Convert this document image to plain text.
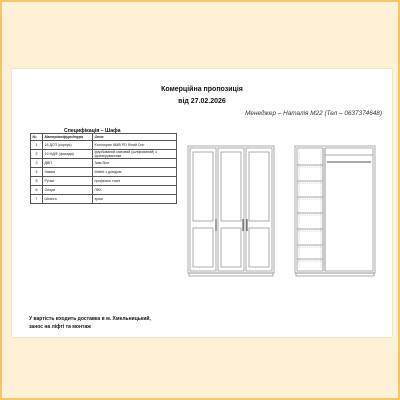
Комерційна пропозиція
від 27.02.2026
Менеджер – Наталія М22 (Тел – 0637374648)
Специфікація – Шафа
№	Матеріал/фурнітура	Опис
1	18 ДСП (корпус)	Kronospan 8685 PD білий Сніг
2	19 МДФ (фасади)	фарбований матовий (шліфований) з фрезеруванням
3	ДВП	3мм біле
4	Завіси	Mattel з довідом
5	Ручки	профільні тисні
6	Опори	ПВХ
7	Штанга	хром
У вартість входить доставка в м. Хмельницький,
занос на ліфті та монтаж
